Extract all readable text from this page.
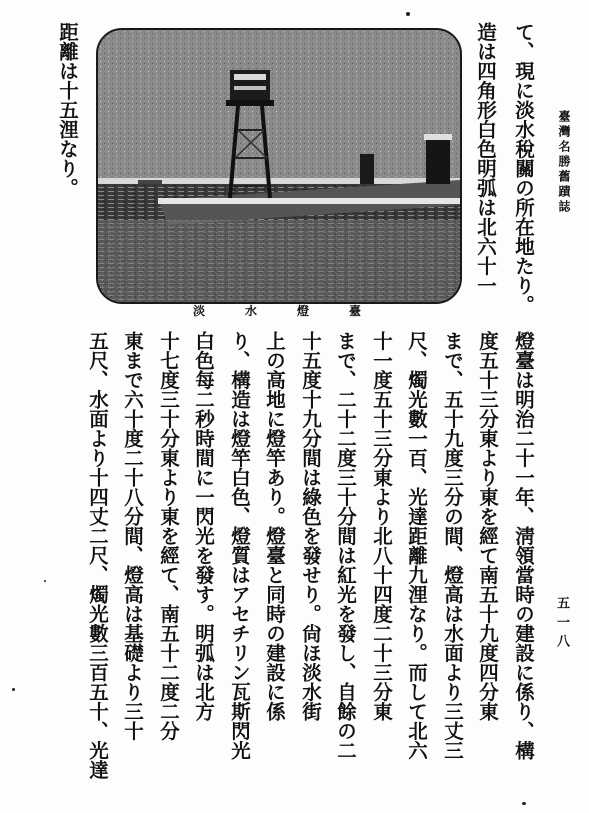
臺灣名勝舊蹟誌
五一八
て、現に淡水稅關の所在地たり。
造は四角形白色明弧は北六十一
距離は十五浬なり。
淡水燈臺
燈臺は明治二十一年、淸領當時の建設に係り、構
度五十三分東より東を經て南五十九度四分東
まで、五十九度三分の間、燈高は水面より三丈三
尺、燭光數一百、光達距離九浬なり。而して北六
十一度五十三分東より北八十四度二十三分東
まで、二十二度三十分間は紅光を發し、自餘の二
十五度十九分間は綠色を發せり。尙ほ淡水街
上の高地に燈竿あり。燈臺と同時の建設に係
り、構造は燈竿白色、燈質はアセチリン瓦斯閃光
白色每二秒時間に一閃光を發す。明弧は北方
十七度三十分東より東を經て、南五十二度二分
東まで六十度二十八分間、燈高は基礎より三十
五尺、水面より十四丈二尺、燭光數三百五十、光達
